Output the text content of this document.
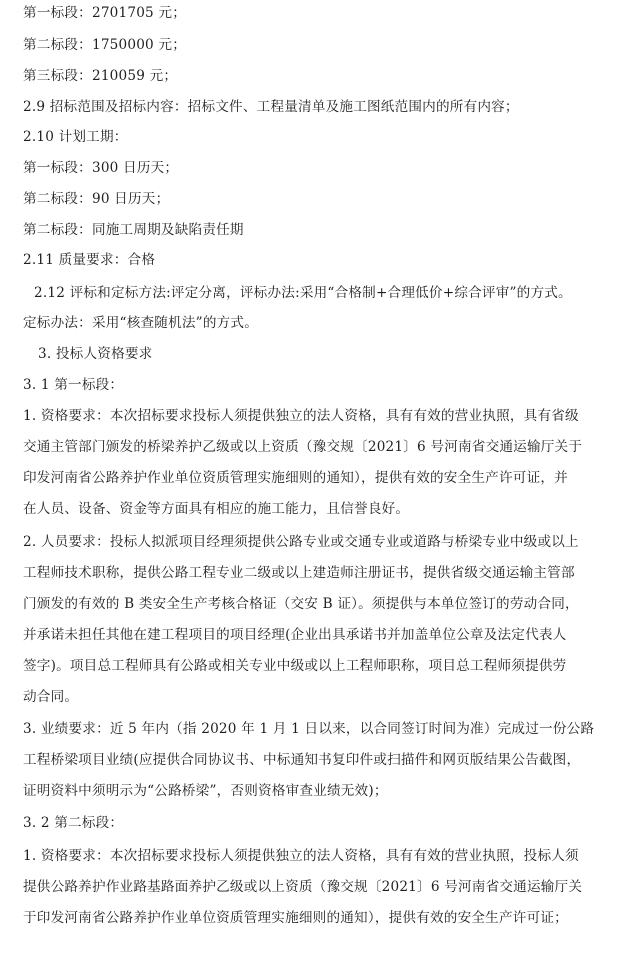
第一标段：2701705 元；
第二标段：1750000 元；
第三标段：210059 元；
2.9 招标范围及招标内容：招标文件、工程量清单及施工图纸范围内的所有内容；
2.10 计划工期：
第一标段：300 日历天；
第二标段：90 日历天；
第二标段：同施工周期及缺陷责任期
2.11 质量要求：合格
2.12 评标和定标方法:评定分离，评标办法:采用“合格制+合理低价+综合评审”的方式。
定标办法：采用“核查随机法”的方式。
3. 投标人资格要求
3. 1 第一标段：
1. 资格要求：本次招标要求投标人须提供独立的法人资格，具有有效的营业执照，具有省级
交通主管部门颁发的桥梁养护乙级或以上资质（豫交规〔2021〕6 号河南省交通运输厅关于
印发河南省公路养护作业单位资质管理实施细则的通知），提供有效的安全生产许可证，并
在人员、设备、资金等方面具有相应的施工能力，且信誉良好。
2. 人员要求：投标人拟派项目经理须提供公路专业或交通专业或道路与桥梁专业中级或以上
工程师技术职称，提供公路工程专业二级或以上建造师注册证书，提供省级交通运输主管部
门颁发的有效的 B 类安全生产考核合格证（交安 B 证）。须提供与本单位签订的劳动合同，
并承诺未担任其他在建工程项目的项目经理(企业出具承诺书并加盖单位公章及法定代表人
签字)。项目总工程师具有公路或相关专业中级或以上工程师职称，项目总工程师须提供劳
动合同。
3. 业绩要求：近 5 年内（指 2020 年 1 月 1 日以来，以合同签订时间为准）完成过一份公路
工程桥梁项目业绩(应提供合同协议书、中标通知书复印件或扫描件和网页版结果公告截图，
证明资料中须明示为“公路桥梁”，否则资格审查业绩无效)；
3. 2 第二标段：
1. 资格要求：本次招标要求投标人须提供独立的法人资格，具有有效的营业执照，投标人须
提供公路养护作业路基路面养护乙级或以上资质（豫交规〔2021〕6 号河南省交通运输厅关
于印发河南省公路养护作业单位资质管理实施细则的通知），提供有效的安全生产许可证；
